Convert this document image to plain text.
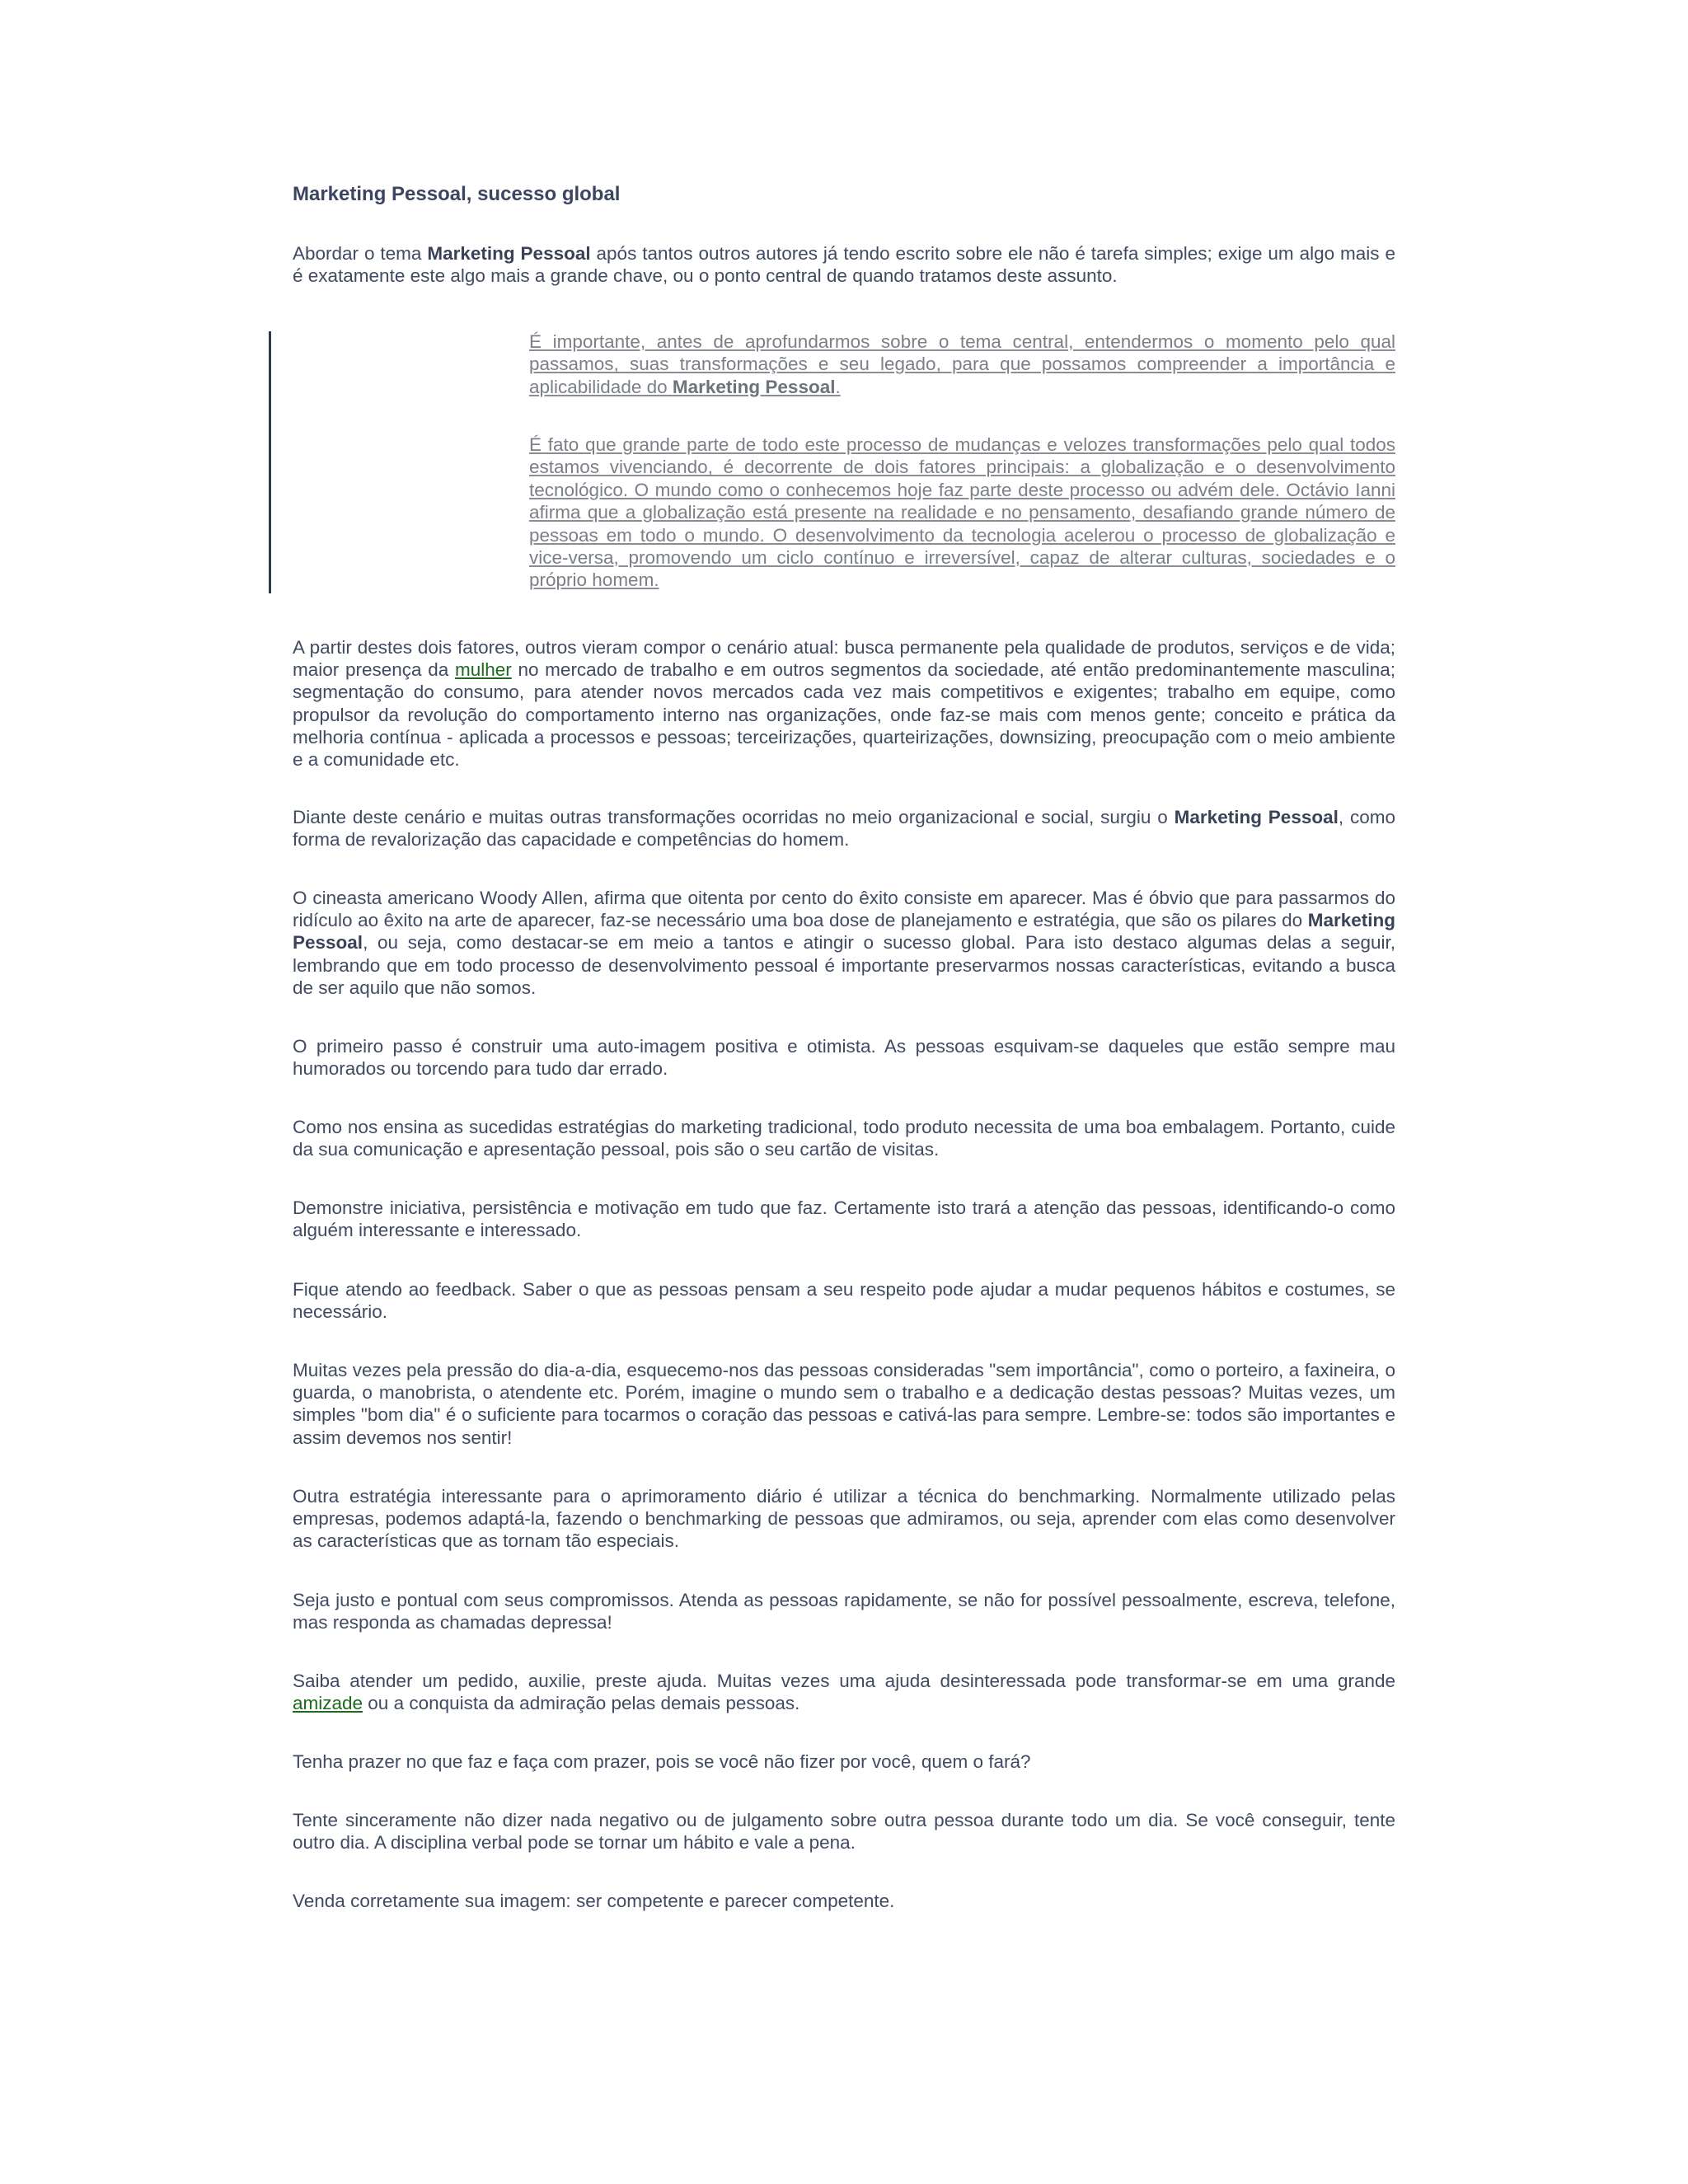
Marketing Pessoal, sucesso global

Abordar o tema Marketing Pessoal após tantos outros autores já tendo escrito sobre ele não é tarefa simples; exige um algo mais e é exatamente este algo mais a grande chave, ou o ponto central de quando tratamos deste assunto.

É importante, antes de aprofundarmos sobre o tema central, entendermos o momento pelo qual passamos, suas transformações e seu legado, para que possamos compreender a importância e aplicabilidade do Marketing Pessoal.

É fato que grande parte de todo este processo de mudanças e velozes transformações pelo qual todos estamos vivenciando, é decorrente de dois fatores principais: a globalização e o desenvolvimento tecnológico. O mundo como o conhecemos hoje faz parte deste processo ou advém dele. Octávio Ianni afirma que a globalização está presente na realidade e no pensamento, desafiando grande número de pessoas em todo o mundo. O desenvolvimento da tecnologia acelerou o processo de globalização e vice-versa, promovendo um ciclo contínuo e irreversível, capaz de alterar culturas, sociedades e o próprio homem.

A partir destes dois fatores, outros vieram compor o cenário atual: busca permanente pela qualidade de produtos, serviços e de vida; maior presença da mulher no mercado de trabalho e em outros segmentos da sociedade, até então predominantemente masculina; segmentação do consumo, para atender novos mercados cada vez mais competitivos e exigentes; trabalho em equipe, como propulsor da revolução do comportamento interno nas organizações, onde faz-se mais com menos gente; conceito e prática da melhoria contínua - aplicada a processos e pessoas; terceirizações, quarteirizações, downsizing, preocupação com o meio ambiente e a comunidade etc.

Diante deste cenário e muitas outras transformações ocorridas no meio organizacional e social, surgiu o Marketing Pessoal, como forma de revalorização das capacidade e competências do homem.

O cineasta americano Woody Allen, afirma que oitenta por cento do êxito consiste em aparecer. Mas é óbvio que para passarmos do ridículo ao êxito na arte de aparecer, faz-se necessário uma boa dose de planejamento e estratégia, que são os pilares do Marketing Pessoal, ou seja, como destacar-se em meio a tantos e atingir o sucesso global. Para isto destaco algumas delas a seguir, lembrando que em todo processo de desenvolvimento pessoal é importante preservarmos nossas características, evitando a busca de ser aquilo que não somos.

O primeiro passo é construir uma auto-imagem positiva e otimista. As pessoas esquivam-se daqueles que estão sempre mau humorados ou torcendo para tudo dar errado.

Como nos ensina as sucedidas estratégias do marketing tradicional, todo produto necessita de uma boa embalagem. Portanto, cuide da sua comunicação e apresentação pessoal, pois são o seu cartão de visitas.

Demonstre iniciativa, persistência e motivação em tudo que faz. Certamente isto trará a atenção das pessoas, identificando-o como alguém interessante e interessado.

Fique atendo ao feedback. Saber o que as pessoas pensam a seu respeito pode ajudar a mudar pequenos hábitos e costumes, se necessário.

Muitas vezes pela pressão do dia-a-dia, esquecemo-nos das pessoas consideradas "sem importância", como o porteiro, a faxineira, o guarda, o manobrista, o atendente etc. Porém, imagine o mundo sem o trabalho e a dedicação destas pessoas? Muitas vezes, um simples "bom dia" é o suficiente para tocarmos o coração das pessoas e cativá-las para sempre. Lembre-se: todos são importantes e assim devemos nos sentir!

Outra estratégia interessante para o aprimoramento diário é utilizar a técnica do benchmarking. Normalmente utilizado pelas empresas, podemos adaptá-la, fazendo o benchmarking de pessoas que admiramos, ou seja, aprender com elas como desenvolver as características que as tornam tão especiais.

Seja justo e pontual com seus compromissos. Atenda as pessoas rapidamente, se não for possível pessoalmente, escreva, telefone, mas responda as chamadas depressa!

Saiba atender um pedido, auxilie, preste ajuda. Muitas vezes uma ajuda desinteressada pode transformar-se em uma grande amizade ou a conquista da admiração pelas demais pessoas.

Tenha prazer no que faz e faça com prazer, pois se você não fizer por você, quem o fará?

Tente sinceramente não dizer nada negativo ou de julgamento sobre outra pessoa durante todo um dia. Se você conseguir, tente outro dia. A disciplina verbal pode se tornar um hábito e vale a pena.

Venda corretamente sua imagem: ser competente e parecer competente.
